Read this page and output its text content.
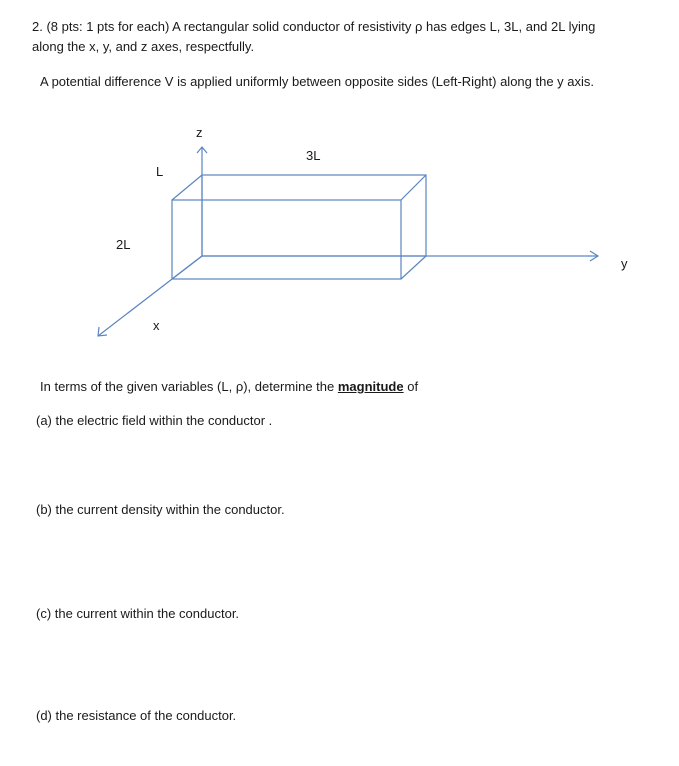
2. (8 pts: 1 pts for each) A rectangular solid conductor of resistivity ρ has edges L, 3L, and 2L lying

along the x, y, and z axes, respectfully.

A potential difference V is applied uniformly between opposite sides (Left-Right) along the y axis.

z
3L
L
2L
y
x

In terms of the given variables (L, ρ), determine the magnitude of

(a) the electric field within the conductor .

(b) the current density within the conductor.

(c) the current within the conductor.

(d) the resistance of the conductor.
